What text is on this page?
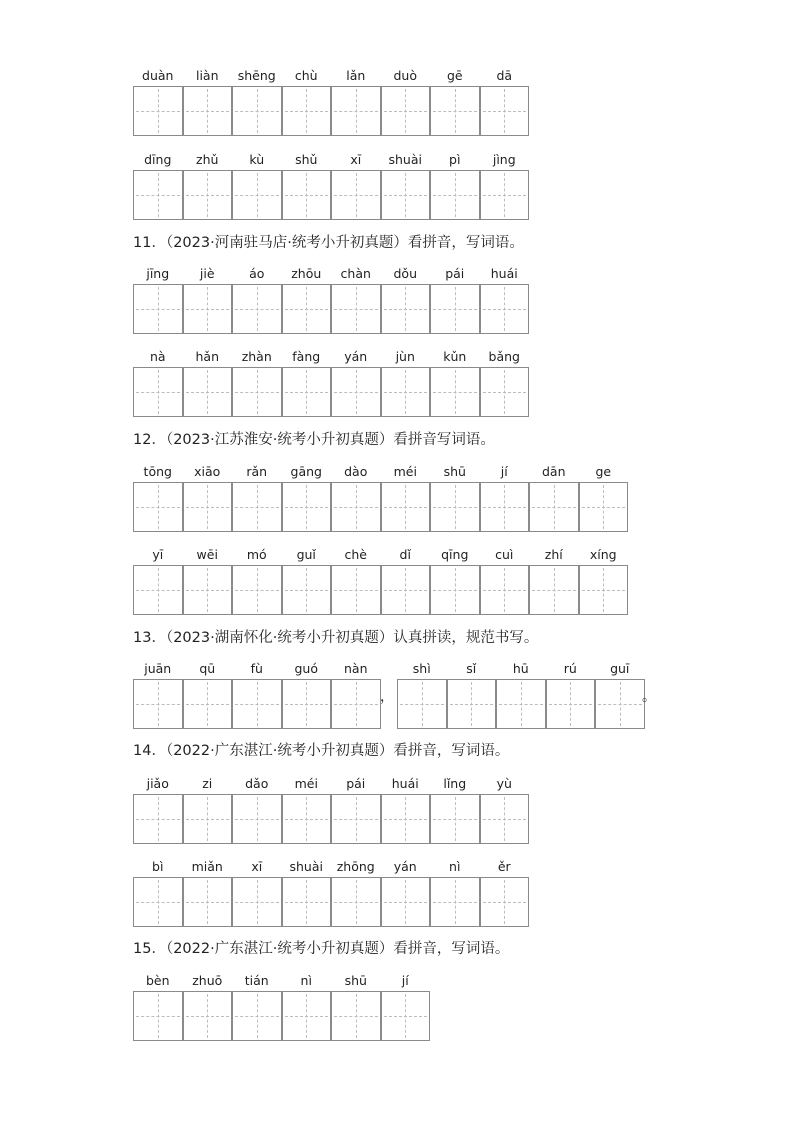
duàn	liàn	shēng	chù	lǎn	duò	gē	dā
dīng	zhǔ	kù	shǔ	xī	shuài	pì	jìng
11．（2023·河南驻马店·统考小升初真题）看拼音，写词语。
jīng	jiè	áo	zhōu	chàn	dǒu	pái	huái
nà	hǎn	zhàn	fàng	yán	jùn	kǔn	bǎng
12．（2023·江苏淮安·统考小升初真题）看拼音写词语。
tōng	xiāo	rǎn	gāng	dào	méi	shū	jí	dān	ge
yī	wēi	mó	guǐ	chè	dǐ	qīng	cuì	zhí	xíng
13．（2023·湖南怀化·统考小升初真题）认真拼读，规范书写。
juān	qū	fù	guó	nàn	shì	sǐ	hū	rú	guī
，	。
14．（2022·广东湛江·统考小升初真题）看拼音，写词语。
jiǎo	zi	dǎo	méi	pái	huái	lǐng	yù
bì	miǎn	xī	shuài	zhōng	yán	nì	ěr
15．（2022·广东湛江·统考小升初真题）看拼音，写词语。
bèn	zhuō	tián	nì	shū	jí
